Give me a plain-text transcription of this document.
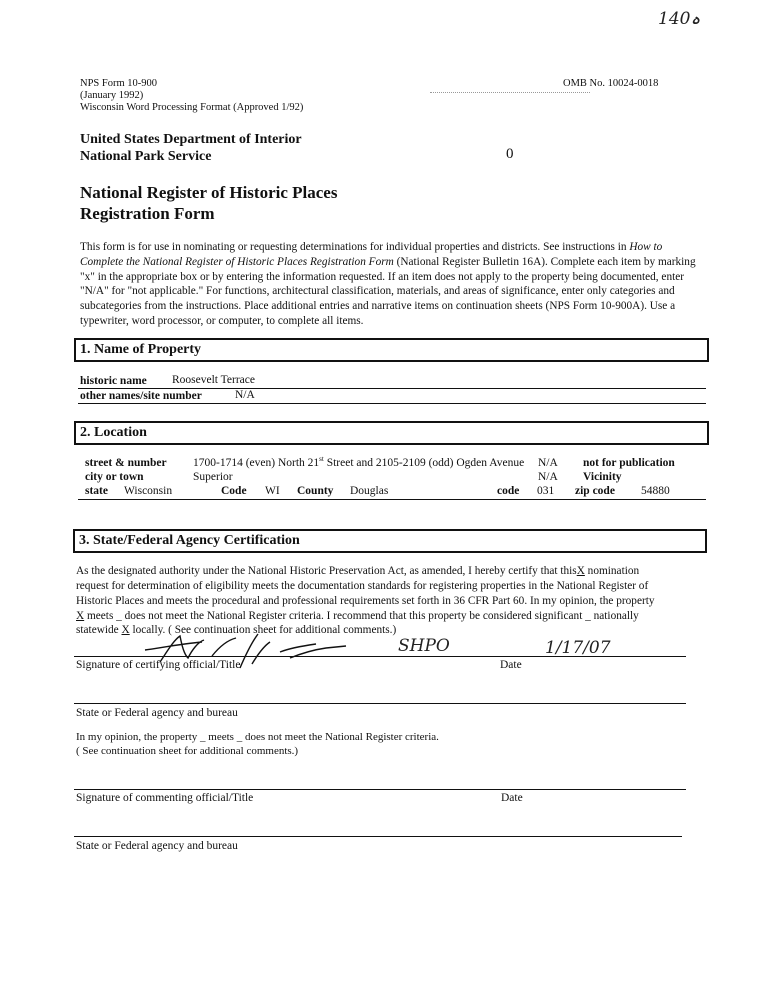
14ہ0
NPS Form 10-900
(January 1992)
Wisconsin Word Processing Format (Approved 1/92)
OMB No. 10024-0018
United States Department of Interior
National Park Service	0
National Register of Historic Places
Registration Form
This form is for use in nominating or requesting determinations for individual properties and districts. See instructions in How to Complete the National Register of Historic Places Registration Form (National Register Bulletin 16A). Complete each item by marking "x" in the appropriate box or by entering the information requested. If an item does not apply to the property being documented, enter "N/A" for "not applicable." For functions, architectural classification, materials, and areas of significance, enter only categories and subcategories from the instructions. Place additional entries and narrative items on continuation sheets (NPS Form 10-900A). Use a typewriter, word processor, or computer, to complete all items.
1. Name of Property
historic name Roosevelt Terrace
other names/site number	N/A
2. Location
street & number 1700-1714 (even) North 21st Street and 2105-2109 (odd) Ogden Avenue N/A not for publication
city or town	Superior	N/A Vicinity
state Wisconsin	Code WI County Douglas	code 031 zip code 54880
3. State/Federal Agency Certification
As the designated authority under the National Historic Preservation Act, as amended, I hereby certify that thisX nomination
request for determination of eligibility meets the documentation standards for registering properties in the National Register of
Historic Places and meets the procedural and professional requirements set forth in 36 CFR Part 60. In my opinion, the property
X meets _ does not meet the National Register criteria. I recommend that this property be considered significant _ nationally
statewide X locally. ( See continuation sheet for additional comments.)
SHPO	1/17/07
Signature of certifying official/Title	Date
State or Federal agency and bureau
In my opinion, the property _ meets _ does not meet the National Register criteria.
( See continuation sheet for additional comments.)
Signature of commenting official/Title	Date
State or Federal agency and bureau
